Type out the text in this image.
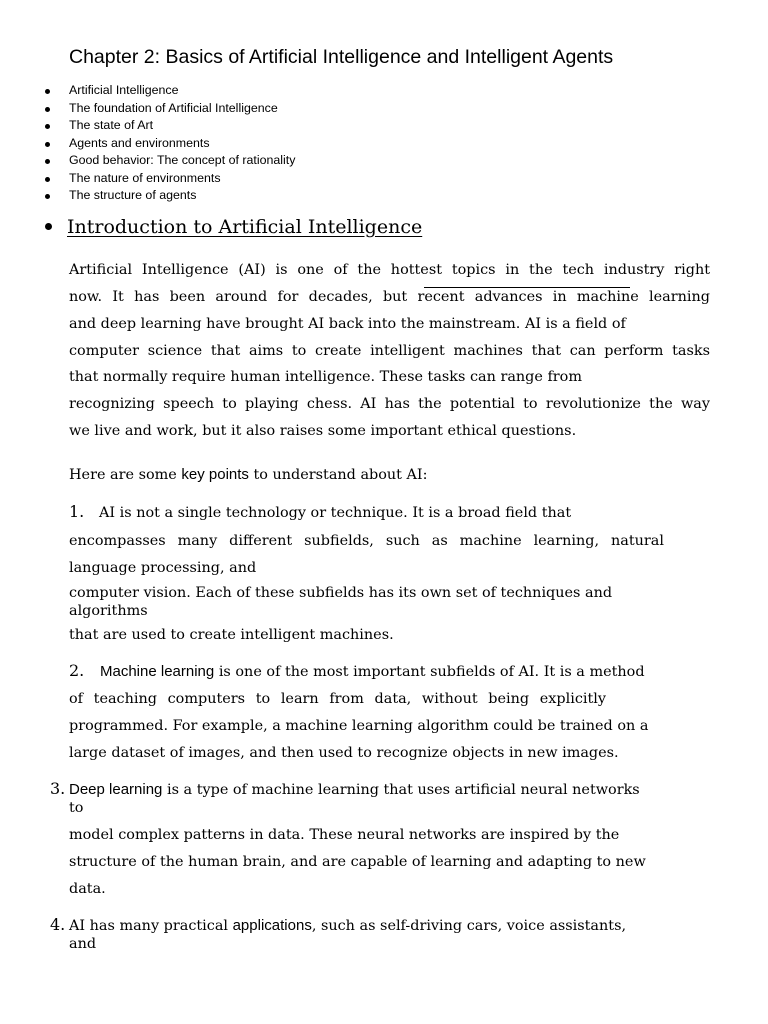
Chapter 2: Basics of Artificial Intelligence and Intelligent Agents
Artificial Intelligence
The foundation of Artificial Intelligence
The state of Art
Agents and environments
Good behavior: The concept of rationality
The nature of environments
The structure of agents
Introduction to Artificial Intelligence
Artificial Intelligence (AI) is one of the hottest topics in the tech industry right
now. It has been around for decades, but recent advances in machine learning
and deep learning have brought AI back into the mainstream. AI is a field of
computer science that aims to create intelligent machines that can perform tasks
that normally require human intelligence. These tasks can range from
recognizing speech to playing chess. AI has the potential to revolutionize the way
we live and work, but it also raises some important ethical questions.
Here are some key points to understand about AI:
1. AI is not a single technology or technique. It is a broad field that
encompasses many different subfields, such as machine learning, natural
language processing, and
computer vision. Each of these subfields has its own set of techniques and
algorithms
that are used to create intelligent machines.
2. Machine learning is one of the most important subfields of AI. It is a method
of teaching computers to learn from data, without being explicitly
programmed. For example, a machine learning algorithm could be trained on a
large dataset of images, and then used to recognize objects in new images.
3. Deep learning is a type of machine learning that uses artificial neural networks
to
model complex patterns in data. These neural networks are inspired by the
structure of the human brain, and are capable of learning and adapting to new
data.
4. AI has many practical applications, such as self-driving cars, voice assistants,
and
